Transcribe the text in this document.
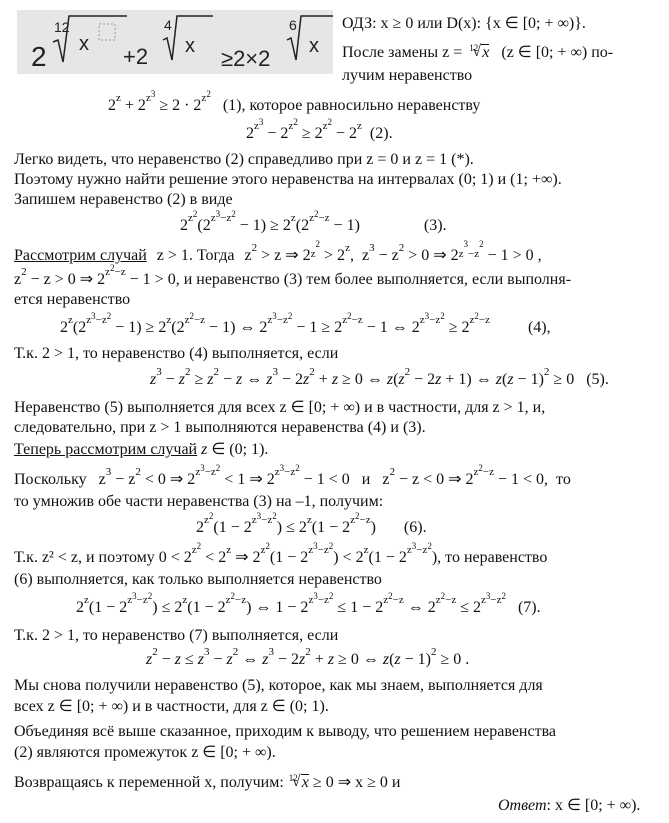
2
12
x +2
4
x ≥2×2
6
x
ОДЗ: x ≥ 0 или D(x): {x ∈ [0; + ∞)}.
После замены z = √ 12 x (z ∈ [0; + ∞) по-
лучим неравенство
$2^z + 2^{z^3} \ge 2 \cdot 2^{z^2}$   (1), которое равносильно неравенству
$2^{z^3} - 2^{z^2} \ge 2^{z^2} - 2^z$ (2).
Легко видеть, что неравенство (2) справедливо при z = 0 и z = 1 (*).
Поэтому нужно найти решение этого неравенства на интервалах (0; 1) и (1; +∞).
Запишем неравенство (2) в виде
$2^{z^2}(2^{z^3-z^2} - 1) \ge 2^z(2^{z^2-z} - 1)$	(3).
Рассмотрим случай z > 1. Тогда $z^2 > z$ ⇒ $2^{z^2} > 2^z$,  $z^3 - z^2 > 0$ ⇒ $2^{z^3-z^2} - 1 > 0$ ,
$z^2 - z > 0$ ⇒ $2^{z^2-z} - 1 > 0$, и неравенство (3) тем более выполняется, если выполня-
ется неравенство
$2^z(2^{z^3-z^2} - 1) \ge 2^z(2^{z^2-z} - 1)$ ⇔ $2^{z^3-z^2} - 1 \ge 2^{z^2-z} - 1$ ⇔ $2^{z^3-z^2} \ge 2^{z^2-z}$ (4),
Т.к. 2 > 1, то неравенство (4) выполняется, если
$z^3 - z^2 \ge z^2 - z$ ⇔ $z^3 - 2z^2 + z \ge 0$ ⇔ $z(z^2 - 2z + 1)$ ⇔ $z(z - 1)^2 \ge 0$ (5).
Неравенство (5) выполняется для всех z ∈ [0; + ∞) и в частности, для z > 1, и,
следовательно, при z > 1 выполняются неравенства (4) и (3).
Теперь рассмотрим случай z ∈ (0; 1).
Поскольку   $z^3 - z^2 < 0$ ⇒ $2^{z^3-z^2} < 1$ ⇒ $2^{z^3-z^2} - 1 < 0$   и   $z^2 - z < 0$ ⇒ $2^{z^2-z} - 1 < 0$,  то
то умножив обе части неравенства (3) на –1, получим:
$2^{z^2}(1 - 2^{z^3-z^2}) \le 2^z(1 - 2^{z^2-z})$ (6).
Т.к. z² < z, и поэтому $0 < 2^{z^2} < 2^z$ ⇒ $2^{z^2}(1 - 2^{z^3-z^2}) < 2^z(1 - 2^{z^3-z^2})$, то неравенство
(6) выполняется, как только выполняется неравенство
$2^z(1 - 2^{z^3-z^2}) \le 2^z(1 - 2^{z^2-z})$ ⇔ $1 - 2^{z^3-z^2} \le 1 - 2^{z^2-z}$ ⇔ $2^{z^2-z} \le 2^{z^3-z^2}$ (7).
Т.к. 2 > 1, то неравенство (7) выполняется, если
$z^2 - z \le z^3 - z^2$ ⇔ $z^3 - 2z^2 + z \ge 0$ ⇔ $z(z - 1)^2 \ge 0$ .
Мы снова получили неравенство (5), которое, как мы знаем, выполняется для
всех z ∈ [0; + ∞) и в частности, для z ∈ (0; 1).
Объединяя всё выше сказанное, приходим к выводу, что решением неравенства
(2) являются промежуток z ∈ [0; + ∞).
Возвращаясь к переменной x, получим: √ 12 x ≥ 0 ⇒ x ≥ 0 и
Ответ: x ∈ [0; + ∞).
